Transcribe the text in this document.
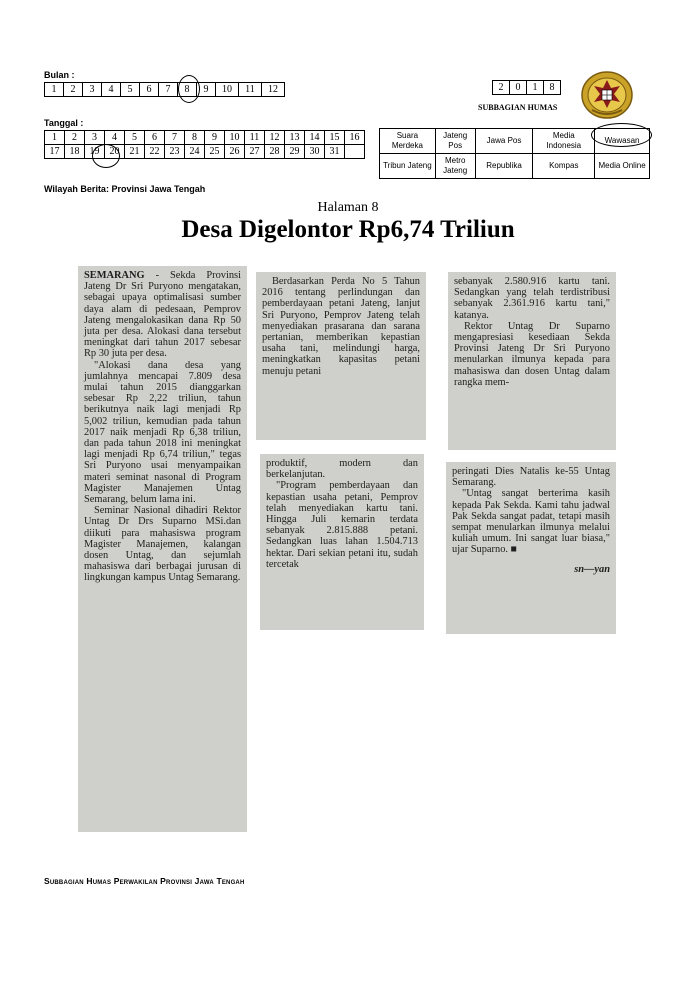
Bulan :
1	2	3	4	5	6	7	8	9	10	11	12
Tanggal :
1	2	3	4	5	6	7	8	9	10	11	12	13	14	15	16
17	18	19	20	21	22	23	24	25	26	27	28	29	30	31	
Wilayah Berita: Provinsi Jawa Tengah
2	0	1	8
SUBBAGIAN HUMAS
Suara Merdeka	Jateng Pos	Jawa Pos	Media Indonesia	Wawasan
Tribun Jateng	Metro Jateng	Republika	Kompas	Media Online
Halaman 8
Desa Digelontor Rp6,74 Triliun

SEMARANG - Sekda Provinsi Jateng Dr Sri Puryono mengatakan, sebagai upaya optimalisasi sumber daya alam di pedesaan, Pemprov Jateng mengalokasikan dana Rp 50 juta per desa. Alokasi dana tersebut meningkat dari tahun 2017 sebesar Rp 30 juta per desa.

"Alokasi dana desa yang jumlahnya mencapai 7.809 desa mulai tahun 2015 dianggarkan sebesar Rp 2,22 triliun, tahun berikutnya naik lagi menjadi Rp 5,002 triliun, kemudian pada tahun 2017 naik menjadi Rp 6,38 triliun, dan pada tahun 2018 ini meningkat lagi menjadi Rp 6,74 triliun," tegas Sri Puryono usai menyampaikan materi seminat nasonal di Program Magister Manajemen Untag Semarang, belum lama ini.

Seminar Nasional dihadiri Rektor Untag Dr Drs Suparno MSi.dan diikuti para mahasiswa program Magister Manajemen, kalangan dosen Untag, dan sejumlah mahasiswa dari berbagai jurusan di lingkungan kampus Untag Semarang.

Berdasarkan Perda No 5 Tahun 2016 tentang perlindungan dan pemberdayaan petani Jateng, lanjut Sri Puryono, Pemprov Jateng telah menyediakan prasarana dan sarana pertanian, memberikan kepastian usaha tani, melindungi harga, meningkatkan kapasitas petani menuju petani

produktif, modern dan berkelanjutan.

"Program pemberdayaan dan kepastian usaha petani, Pemprov telah menyediakan kartu tani. Hingga Juli kemarin terdata sebanyak 2.815.888 petani. Sedangkan luas lahan 1.504.713 hektar. Dari sekian petani itu, sudah tercetak

sebanyak 2.580.916 kartu tani. Sedangkan yang telah terdistribusi sebanyak 2.361.916 kartu tani," katanya.

Rektor Untag Dr Suparno mengapresiasi kesediaan Sekda Provinsi Jateng Dr Sri Puryono menularkan ilmunya kepada para mahasiswa dan dosen Untag dalam rangka mem-

peringati Dies Natalis ke-55 Untag Semarang.

"Untag sangat berterima kasih kepada Pak Sekda. Kami tahu jadwal Pak Sekda sangat padat, tetapi masih sempat menularkan ilmunya melalui kuliah umum. Ini sangat luar biasa," ujar Suparno. ■

sn—yan
Subbagian Humas Perwakilan Provinsi Jawa Tengah
